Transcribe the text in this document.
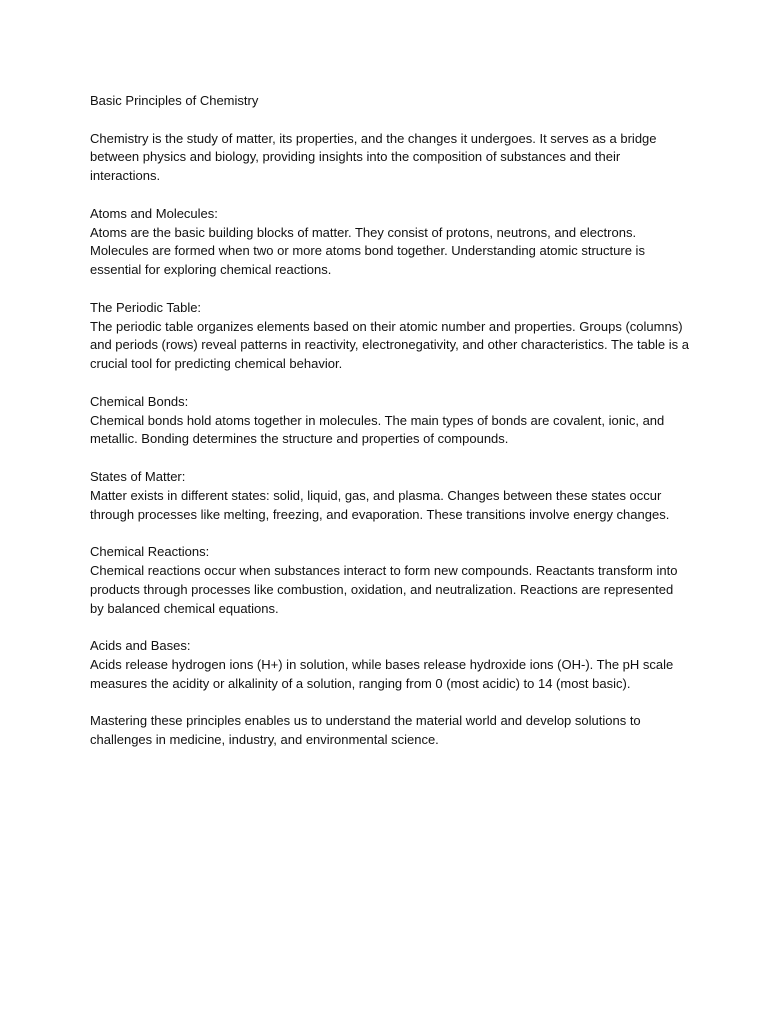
Basic Principles of Chemistry

Chemistry is the study of matter, its properties, and the changes it undergoes. It serves as a bridge between physics and biology, providing insights into the composition of substances and their interactions.

Atoms and Molecules:

Atoms are the basic building blocks of matter. They consist of protons, neutrons, and electrons. Molecules are formed when two or more atoms bond together. Understanding atomic structure is essential for exploring chemical reactions.

The Periodic Table:

The periodic table organizes elements based on their atomic number and properties. Groups (columns) and periods (rows) reveal patterns in reactivity, electronegativity, and other characteristics. The table is a crucial tool for predicting chemical behavior.

Chemical Bonds:

Chemical bonds hold atoms together in molecules. The main types of bonds are covalent, ionic, and metallic. Bonding determines the structure and properties of compounds.

States of Matter:

Matter exists in different states: solid, liquid, gas, and plasma. Changes between these states occur through processes like melting, freezing, and evaporation. These transitions involve energy changes.

Chemical Reactions:

Chemical reactions occur when substances interact to form new compounds. Reactants transform into products through processes like combustion, oxidation, and neutralization. Reactions are represented by balanced chemical equations.

Acids and Bases:

Acids release hydrogen ions (H+) in solution, while bases release hydroxide ions (OH-). The pH scale measures the acidity or alkalinity of a solution, ranging from 0 (most acidic) to 14 (most basic).

Mastering these principles enables us to understand the material world and develop solutions to challenges in medicine, industry, and environmental science.
